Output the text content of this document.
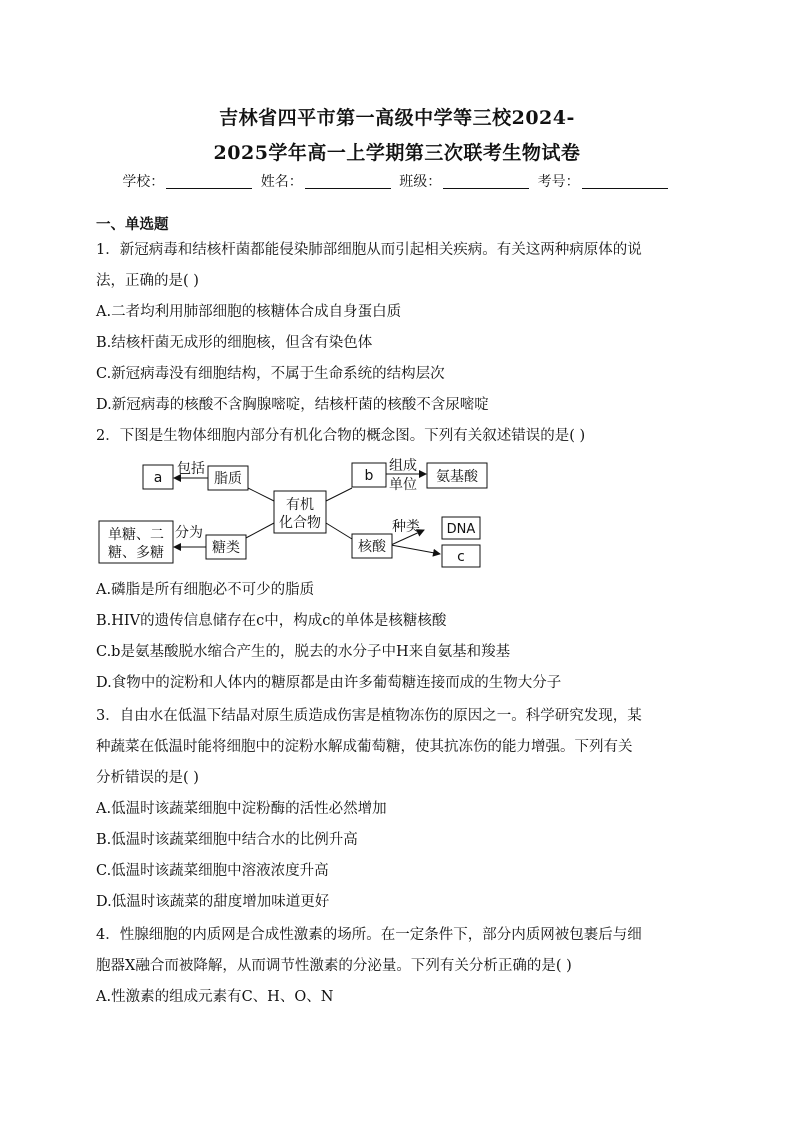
吉林省四平市第一高级中学等三校2024-
2025学年高一上学期第三次联考生物试卷
学校：	姓名：	班级：	考号：
一、单选题
1．新冠病毒和结核杆菌都能侵染肺部细胞从而引起相关疾病。有关这两种病原体的说
法，正确的是( )
A.二者均利用肺部细胞的核糖体合成自身蛋白质
B.结核杆菌无成形的细胞核，但含有染色体
C.新冠病毒没有细胞结构，不属于生命系统的结构层次
D.新冠病毒的核酸不含胸腺嘧啶，结核杆菌的核酸不含尿嘧啶
2．下图是生物体细胞内部分有机化合物的概念图。下列有关叙述错误的是( )
a
包括
脂质
有机
化合物
b
组成
单位 氨基酸
单糖、二
糖、多糖
分为
糖类	核酸
种类 DNA
c
A.磷脂是所有细胞必不可少的脂质
B.HIV的遗传信息储存在c中，构成c的单体是核糖核酸
C.b是氨基酸脱水缩合产生的，脱去的水分子中H来自氨基和羧基
D.食物中的淀粉和人体内的糖原都是由许多葡萄糖连接而成的生物大分子
3．自由水在低温下结晶对原生质造成伤害是植物冻伤的原因之一。科学研究发现，某
种蔬菜在低温时能将细胞中的淀粉水解成葡萄糖，使其抗冻伤的能力增强。下列有关
分析错误的是( )
A.低温时该蔬菜细胞中淀粉酶的活性必然增加
B.低温时该蔬菜细胞中结合水的比例升高
C.低温时该蔬菜细胞中溶液浓度升高
D.低温时该蔬菜的甜度增加味道更好
4．性腺细胞的内质网是合成性激素的场所。在一定条件下，部分内质网被包裹后与细
胞器X融合而被降解，从而调节性激素的分泌量。下列有关分析正确的是( )
A.性激素的组成元素有C、H、O、N
